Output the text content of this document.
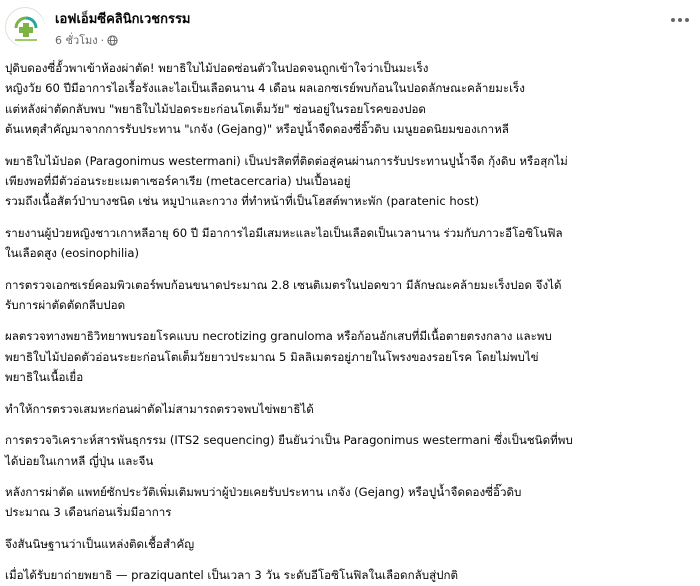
เอฟเอ็มซีคลินิกเวชกรรม
6 ชั่วโมง ·

ปุดิบดองซี่อั้วพาเข้าห้องผ่าตัด! พยาธิใบไม้ปอดซ่อนตัวในปอดจนถูกเข้าใจว่าเป็นมะเร็ง
หญิงวัย 60 ปีมีอาการไอเรื้อรังและไอเป็นเลือดนาน 4 เดือน ผลเอกซเรย์พบก้อนในปอดลักษณะคล้ายมะเร็ง
แต่หลังผ่าตัดกลับพบ "พยาธิใบไม้ปอดระยะก่อนโตเต็มวัย" ซ่อนอยู่ในรอยโรคของปอด
ต้นเหตุสำคัญมาจากการรับประทาน "เกจัง (Gejang)" หรือปูน้ำจืดดองซี่อิ๊วดิบ เมนูยอดนิยมของเกาหลี

พยาธิใบไม้ปอด (Paragonimus westermani) เป็นปรสิตที่ติดต่อสู่คนผ่านการรับประทานปูน้ำจืด กุ้งดิบ หรือสุกไม่
เพียงพอที่มีตัวอ่อนระยะเมตาเซอร์คาเรีย (metacercaria) ปนเปื้อนอยู่
รวมถึงเนื้อสัตว์ป่าบางชนิด เช่น หมูป่าและกวาง ที่ทำหน้าที่เป็นโฮสต์พาหะพัก (paratenic host)

รายงานผู้ป่วยหญิงชาวเกาหลีอายุ 60 ปี มีอาการไอมีเสมหะและไอเป็นเลือดเป็นเวลานาน ร่วมกับภาวะอีโอซิโนฟิล
ในเลือดสูง (eosinophilia)

การตรวจเอกซเรย์คอมพิวเตอร์พบก้อนขนาดประมาณ 2.8 เซนติเมตรในปอดขวา มีลักษณะคล้ายมะเร็งปอด จึงได้
รับการผ่าตัดตัดกลีบปอด

ผลตรวจทางพยาธิวิทยาพบรอยโรคแบบ necrotizing granuloma หรือก้อนอักเสบที่มีเนื้อตายตรงกลาง และพบ
พยาธิใบไม้ปอดตัวอ่อนระยะก่อนโตเต็มวัยยาวประมาณ 5 มิลลิเมตรอยู่ภายในโพรงของรอยโรค โดยไม่พบไข่
พยาธิในเนื้อเยื่อ

ทำให้การตรวจเสมหะก่อนผ่าตัดไม่สามารถตรวจพบไข่พยาธิได้

การตรวจวิเคราะห์สารพันธุกรรม (ITS2 sequencing) ยืนยันว่าเป็น Paragonimus westermani ซึ่งเป็นชนิดที่พบ
ได้บ่อยในเกาหลี ญี่ปุ่น และจีน

หลังการผ่าตัด แพทย์ซักประวัติเพิ่มเติมพบว่าผู้ป่วยเคยรับประทาน เกจัง (Gejang) หรือปูน้ำจืดดองซี่อิ๊วดิบ
ประมาณ 3 เดือนก่อนเริ่มมีอาการ

จึงสันนิษฐานว่าเป็นแหล่งติดเชื้อสำคัญ

เมื่อได้รับยาถ่ายพยาธิ — praziquantel เป็นเวลา 3 วัน ระดับอีโอซิโนฟิลในเลือดกลับสู่ปกติ
